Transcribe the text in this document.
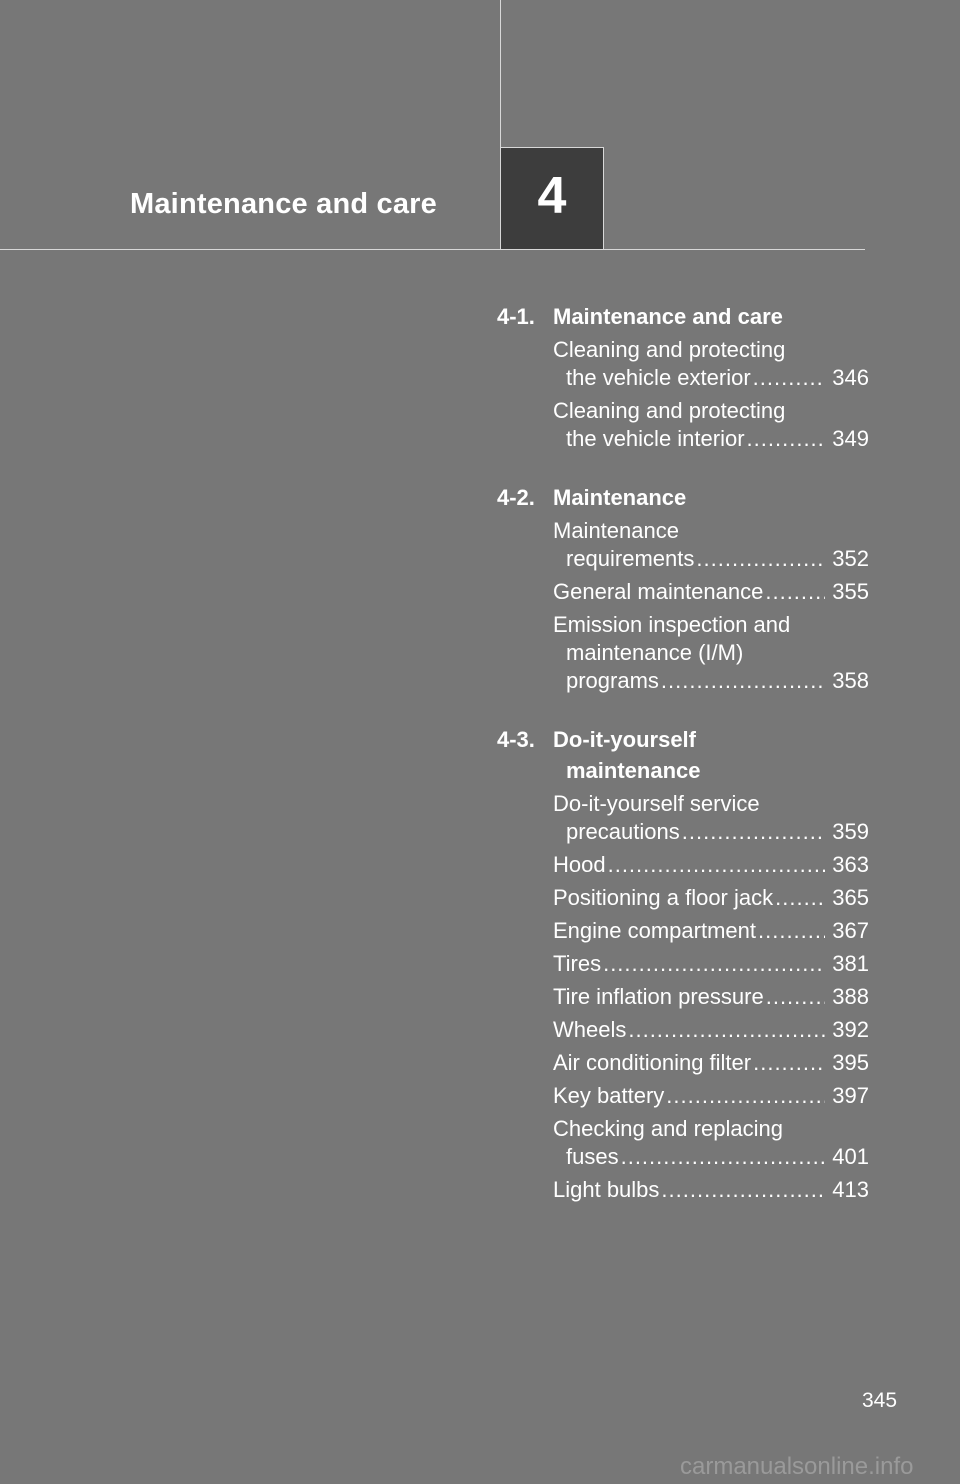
Maintenance and care 4
4-1. Maintenance and care
Cleaning and protecting
the vehicle exterior .....	346
Cleaning and protecting
the vehicle interior .....	349
4-2. Maintenance
Maintenance
requirements .....	352
General maintenance .....	355
Emission inspection and
maintenance (I/M)
programs .....	358
4-3. Do-it-yourself
maintenance
Do-it-yourself service
precautions .....	359
Hood .....	363
Positioning a floor jack .....	365
Engine compartment .....	367
Tires .....	381
Tire inflation pressure .....	388
Wheels .....	392
Air conditioning filter .....	395
Key battery .....	397
Checking and replacing
fuses .....	401
Light bulbs .....	413
345
carmanualsonline.info
